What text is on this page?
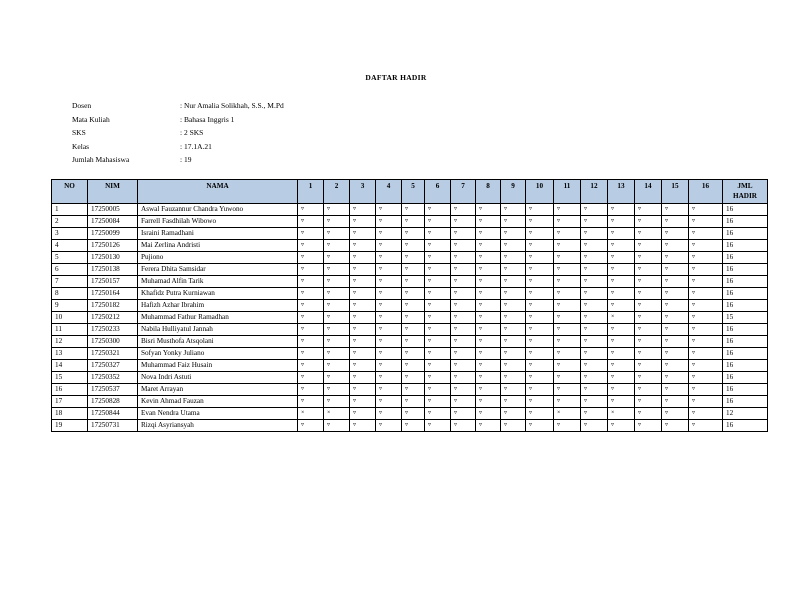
DAFTAR HADIR
Dosen	: Nur Amalia Solikhah, S.S., M.Pd
Mata Kuliah	: Bahasa Inggris 1
SKS	: 2 SKS
Kelas	: 17.1A.21
Jumlah Mahasiswa	: 19
NO	NIM	NAMA	1	2	3	4	5	6	7	8	9	10	11	12	13	14	15	16	JML HADIR
1	17250005	Aswal Fauzannur Chandra Yuwono	▿	▿	▿	▿	▿	▿	▿	▿	▿	▿	▿	▿	▿	▿	▿	▿	16
2	17250084	Farrell Fasdhilah Wibowo	▿	▿	▿	▿	▿	▿	▿	▿	▿	▿	▿	▿	▿	▿	▿	▿	16
3	17250099	Israini Ramadhani	▿	▿	▿	▿	▿	▿	▿	▿	▿	▿	▿	▿	▿	▿	▿	▿	16
4	17250126	Mai Zerlina Andristi	▿	▿	▿	▿	▿	▿	▿	▿	▿	▿	▿	▿	▿	▿	▿	▿	16
5	17250130	Pujiono	▿	▿	▿	▿	▿	▿	▿	▿	▿	▿	▿	▿	▿	▿	▿	▿	16
6	17250138	Ferera Dhita Samsidar	▿	▿	▿	▿	▿	▿	▿	▿	▿	▿	▿	▿	▿	▿	▿	▿	16
7	17250157	Muhamad Alfin Tarik	▿	▿	▿	▿	▿	▿	▿	▿	▿	▿	▿	▿	▿	▿	▿	▿	16
8	17250164	Khafidz Putra Kurniawan	▿	▿	▿	▿	▿	▿	▿	▿	▿	▿	▿	▿	▿	▿	▿	▿	16
9	17250182	Hafizh Azhar Ibrahim	▿	▿	▿	▿	▿	▿	▿	▿	▿	▿	▿	▿	▿	▿	▿	▿	16
10	17250212	Muhammad Fathur Ramadhan	▿	▿	▿	▿	▿	▿	▿	▿	▿	▿	▿	▿	×	▿	▿	▿	15
11	17250233	Nabila Hulliyatul Jannah	▿	▿	▿	▿	▿	▿	▿	▿	▿	▿	▿	▿	▿	▿	▿	▿	16
12	17250300	Bisri Musthofa Atsqolani	▿	▿	▿	▿	▿	▿	▿	▿	▿	▿	▿	▿	▿	▿	▿	▿	16
13	17250321	Sofyan Yonky Juliano	▿	▿	▿	▿	▿	▿	▿	▿	▿	▿	▿	▿	▿	▿	▿	▿	16
14	17250327	Muhammad Faiz Husain	▿	▿	▿	▿	▿	▿	▿	▿	▿	▿	▿	▿	▿	▿	▿	▿	16
15	17250352	Nova Indri Astuti	▿	▿	▿	▿	▿	▿	▿	▿	▿	▿	▿	▿	▿	▿	▿	▿	16
16	17250537	Maret Arrayan	▿	▿	▿	▿	▿	▿	▿	▿	▿	▿	▿	▿	▿	▿	▿	▿	16
17	17250828	Kevin Ahmad Fauzan	▿	▿	▿	▿	▿	▿	▿	▿	▿	▿	▿	▿	▿	▿	▿	▿	16
18	17250844	Evan Nendra Utama	×	×	▿	▿	▿	▿	▿	▿	▿	▿	×	▿	×	▿	▿	▿	12
19	17250731	Rizqi Asyriansyah	▿	▿	▿	▿	▿	▿	▿	▿	▿	▿	▿	▿	▿	▿	▿	▿	16
